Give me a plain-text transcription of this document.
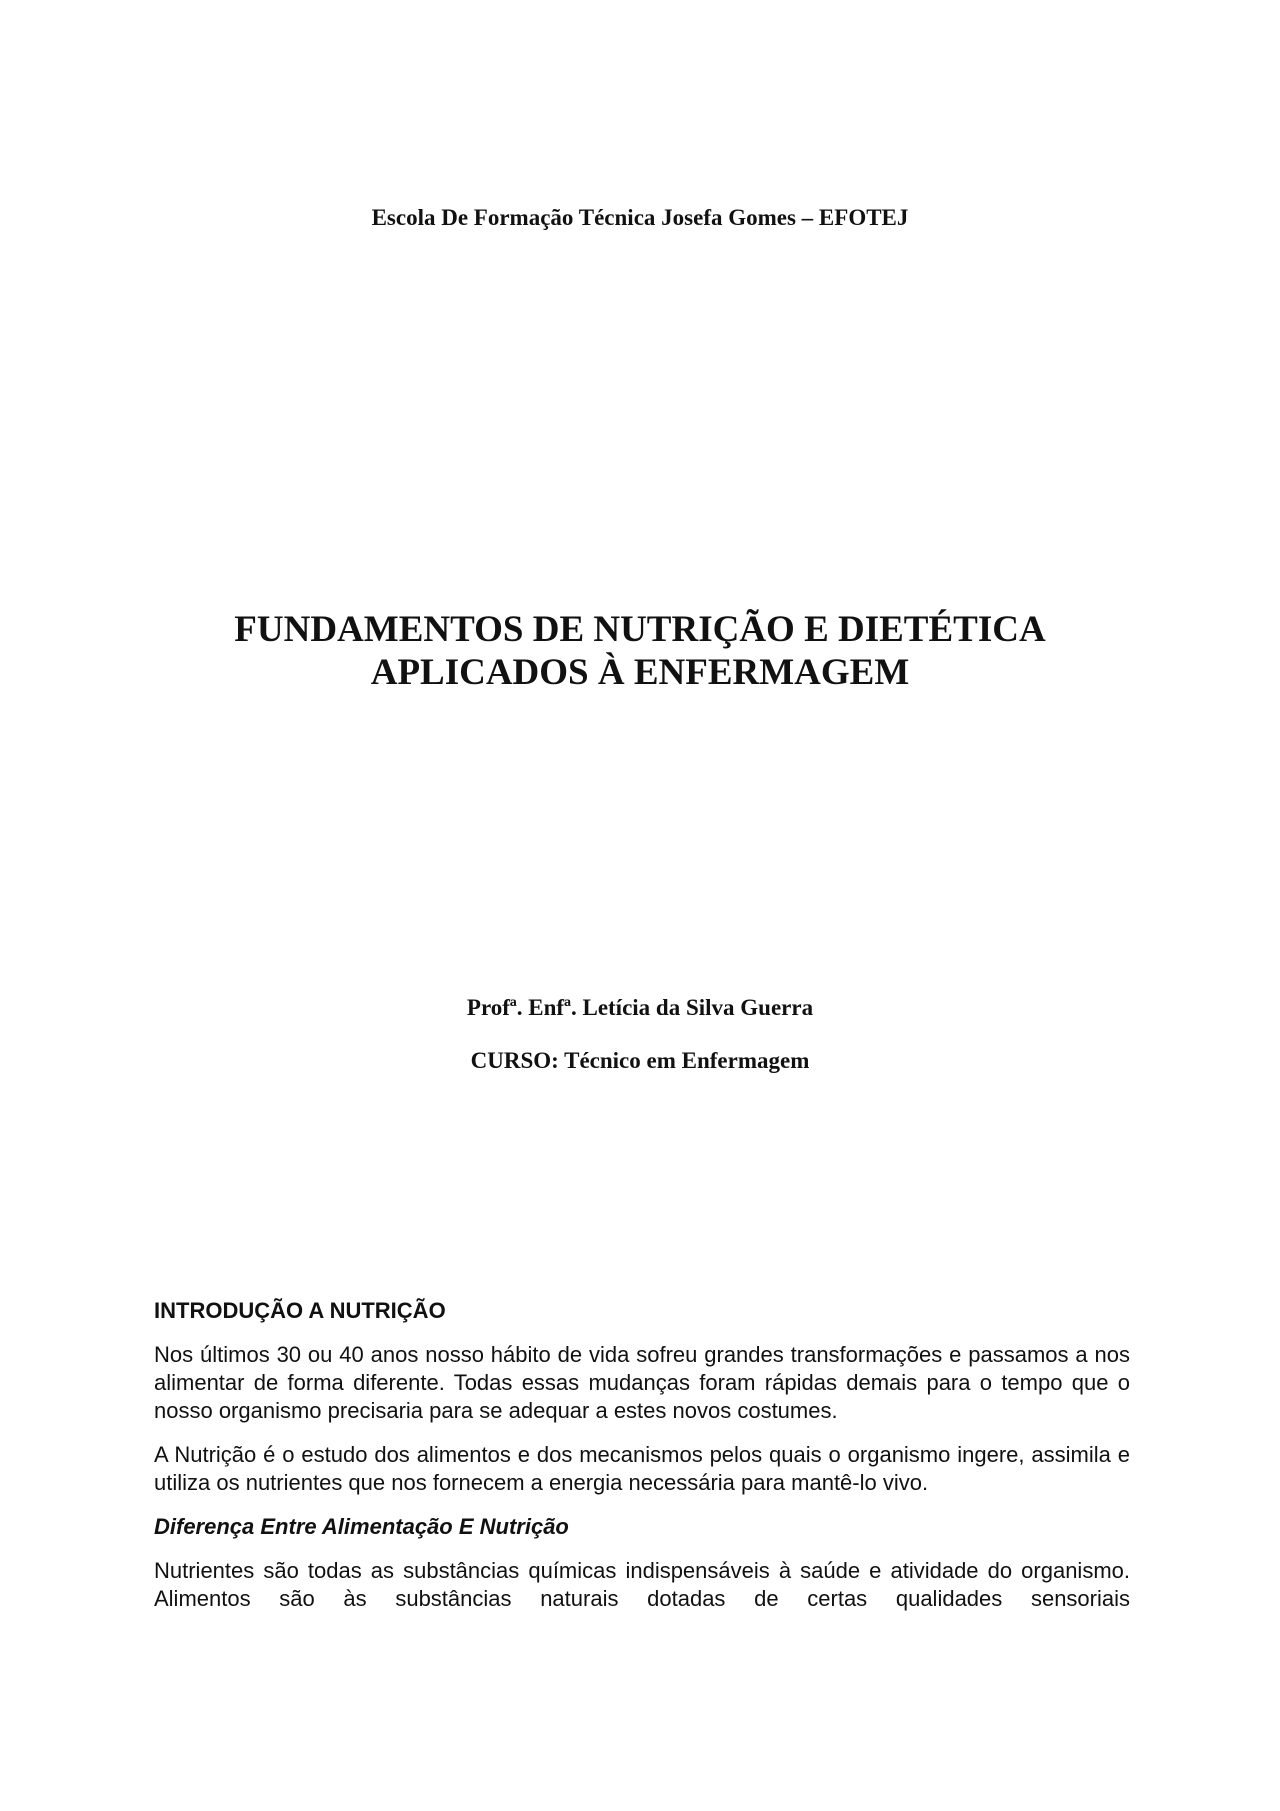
Escola De Formação Técnica Josefa Gomes – EFOTEJ
FUNDAMENTOS DE NUTRIÇÃO E DIETÉTICA
APLICADOS À ENFERMAGEM
Profª. Enfª. Letícia da Silva Guerra
CURSO: Técnico em Enfermagem
INTRODUÇÃO A NUTRIÇÃO

Nos últimos 30 ou 40 anos nosso hábito de vida sofreu grandes transformações e passamos a nos alimentar de forma diferente. Todas essas mudanças foram rápidas demais para o tempo que o nosso organismo precisaria para se adequar a estes novos costumes.

A Nutrição é o estudo dos alimentos e dos mecanismos pelos quais o organismo ingere, assimila e utiliza os nutrientes que nos fornecem a energia necessária para mantê-lo vivo.

Diferença Entre Alimentação E Nutrição

Nutrientes são todas as substâncias químicas indispensáveis à saúde e atividade do organismo. Alimentos são às substâncias naturais dotadas de certas qualidades sensoriais
